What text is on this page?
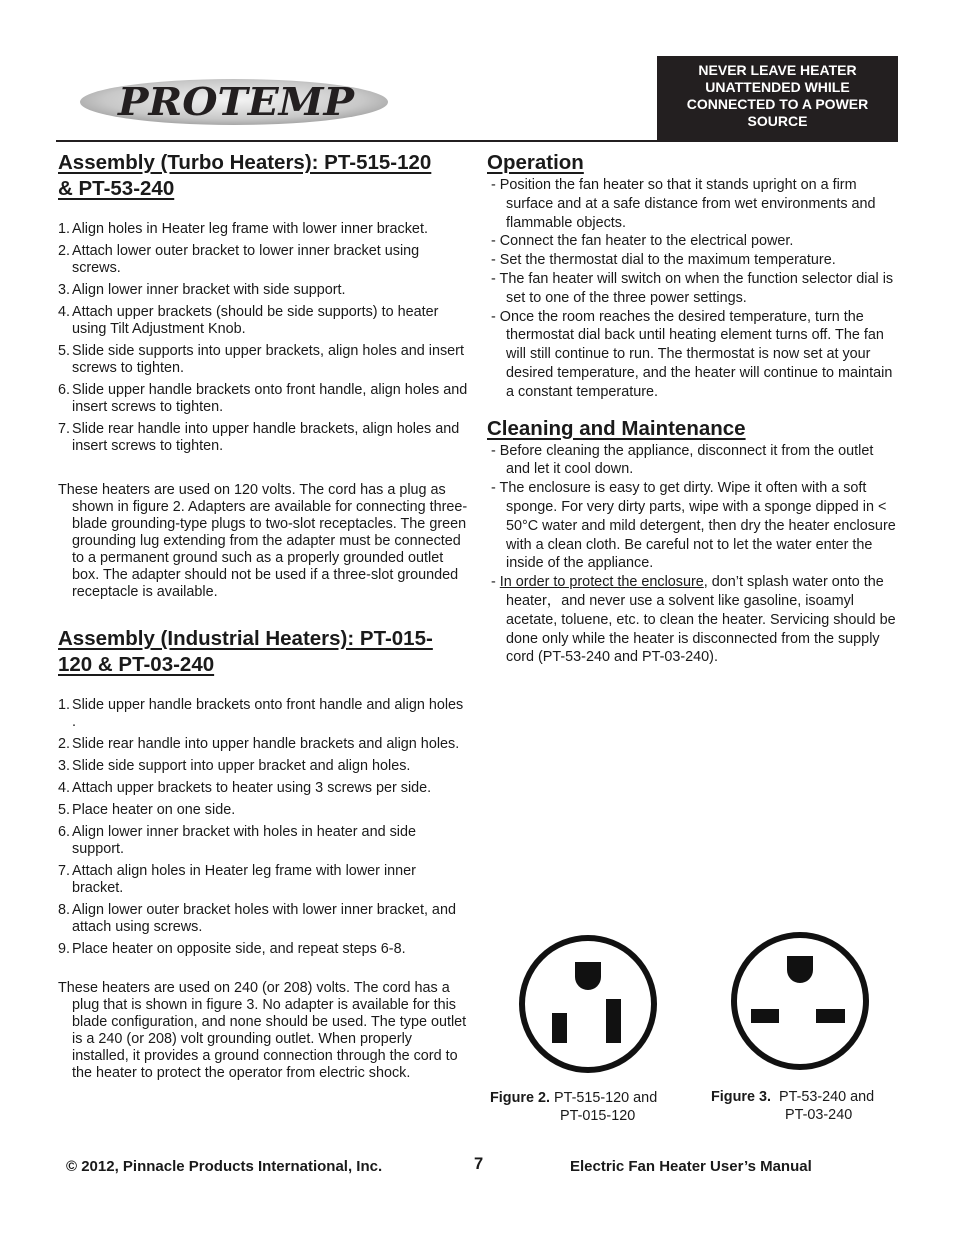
PROTEMP
NEVER LEAVE HEATER
UNATTENDED WHILE
CONNECTED TO A POWER
SOURCE
Assembly (Turbo Heaters): PT-515-120
& PT-53-240
1. Align holes in Heater leg frame with lower inner bracket.
2. Attach lower outer bracket to lower inner bracket using screws.
3. Align lower inner bracket with side support.
4. Attach upper brackets (should be side supports) to heater using Tilt Adjustment Knob.
5. Slide side supports into upper brackets, align holes and insert screws to tighten.
6. Slide upper handle brackets onto front handle, align holes and insert screws to tighten.
7. Slide rear handle into upper handle brackets, align holes and insert screws to tighten.

These heaters are used on 120 volts. The cord has a plug as shown in figure 2. Adapters are available for connecting three-blade grounding-type plugs to two-slot receptacles. The green grounding lug extending from the adapter must be connected to a permanent ground such as a properly grounded outlet box. The adapter should not be used if a three-slot grounded receptacle is available.

Assembly (Industrial Heaters): PT-015-
120 & PT-03-240
1. Slide upper handle brackets onto front handle and align holes .
2. Slide rear handle into upper handle brackets and align holes.
3. Slide side support into upper bracket and align holes.
4. Attach upper brackets to heater using 3 screws per side.
5. Place heater on one side.
6. Align lower inner bracket with holes in heater and side support.
7. Attach align holes in Heater leg frame with lower inner bracket.
8. Align lower outer bracket holes with lower inner bracket, and attach using screws.
9. Place heater on opposite side, and repeat steps 6-8.

These heaters are used on 240 (or 208) volts. The cord has a plug that is shown in figure 3. No adapter is available for this blade configuration, and none should be used. The type outlet is a 240 (or 208) volt grounding outlet. When properly installed, it provides a ground connection through the cord to the heater to protect the operator from electric shock.

Operation
- Position the fan heater so that it stands upright on a firm surface and at a safe distance from wet environments and flammable objects.
- Connect the fan heater to the electrical power.
- Set the thermostat dial to the maximum temperature.
- The fan heater will switch on when the function selector dial is set to one of the three power settings.
- Once the room reaches the desired temperature, turn the thermostat dial back until heating element turns off. The fan will still continue to run. The thermostat is now set at your desired temperature, and the heater will continue to maintain a constant temperature.
Cleaning and Maintenance
- Before cleaning the appliance, disconnect it from the outlet and let it cool down.
- The enclosure is easy to get dirty. Wipe it often with a soft sponge. For very dirty parts, wipe with a sponge dipped in < 50°C water and mild detergent, then dry the heater enclosure with a clean cloth. Be careful not to let the water enter the inside of the appliance.
- In order to protect the enclosure, don’t splash water onto the heater，and never use a solvent like gasoline, isoamyl acetate, toluene, etc. to clean the heater. Servicing should be done only while the heater is disconnected from the supply cord (PT-53-240 and PT-03-240).
Figure 2. PT-515-120 and
PT-015-120
Figure 3. PT-53-240 and
PT-03-240
© 2012, Pinnacle Products International, Inc.	7	Electric Fan Heater User’s Manual
